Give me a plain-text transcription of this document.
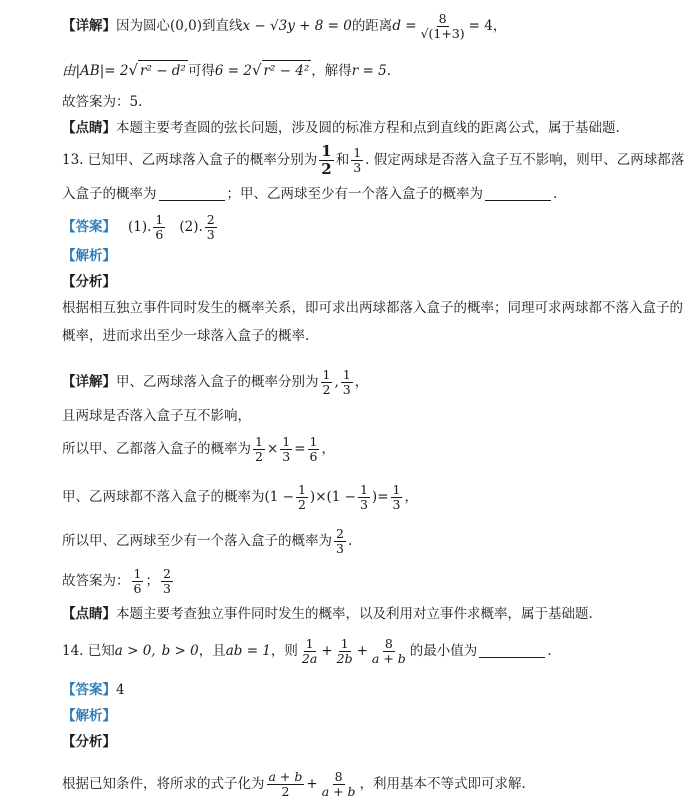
【详解】 因为圆心 (0,0) 到直线 x − √3y + 8 = 0 的距离 $d = \frac{8}{√(1+3)} = 4$，
由|AB|= 2 √ r² − d² 可得 6 = 2 √ r² − 4² ，解得 r = 5 .
故答案为：5.
【点睛】 本题主要考查圆的弦长问题，涉及圆的标准方程和点到直线的距离公式，属于基础题.
13. 已知甲、乙两球落入盒子的概率分别为 $\frac{1}{2}$ 和 $\frac{1}{3}$ . 假定两球是否落入盒子互不影响，则甲、乙两球都落
入盒子的概率为	；甲、乙两球至少有一个落入盒子的概率为	.
【答案】 (1). $\frac{1}{6} (2)$. $\frac{2}{3}$
【解析】
【分析】
根据相互独立事件同时发生的概率关系，即可求出两球都落入盒子的概率；同理可求两球都不落入盒子的
概率，进而求出至少一球落入盒子的概率.
【详解】 甲、乙两球落入盒子的概率分别为 $\frac{1}{2}$ , $\frac{1}{3}$ ，
且两球是否落入盒子互不影响，
所以甲、乙都落入盒子的概率为 $\frac{1}{2} \times \frac{1}{3} = \frac{1}{6}$ ，
甲、乙两球都不落入盒子的概率为 $(1 - \frac{1}{2} )\times(1 - \frac{1}{3}$ )= $\frac{1}{3}$ ，
所以甲、乙两球至少有一个落入盒子的概率为 $\frac{2}{3}$ .
故答案为： $\frac{1}{6}$ ； $\frac{2}{3}$
【点睛】 本题主要考查独立事件同时发生的概率，以及利用对立事件求概率，属于基础题.
14. 已知 a > 0, b > 0 ，且 ab = 1 ，则 $\frac{1}{2a} + \frac{1}{2b} + \frac{8}{a + b}$ 的最小值为	.
【答案】 4
【解析】
【分析】
根据已知条件，将所求的式子化为 $\frac{a + b}{2} + \frac{8}{a + b}$ ，利用基本不等式即可求解.
